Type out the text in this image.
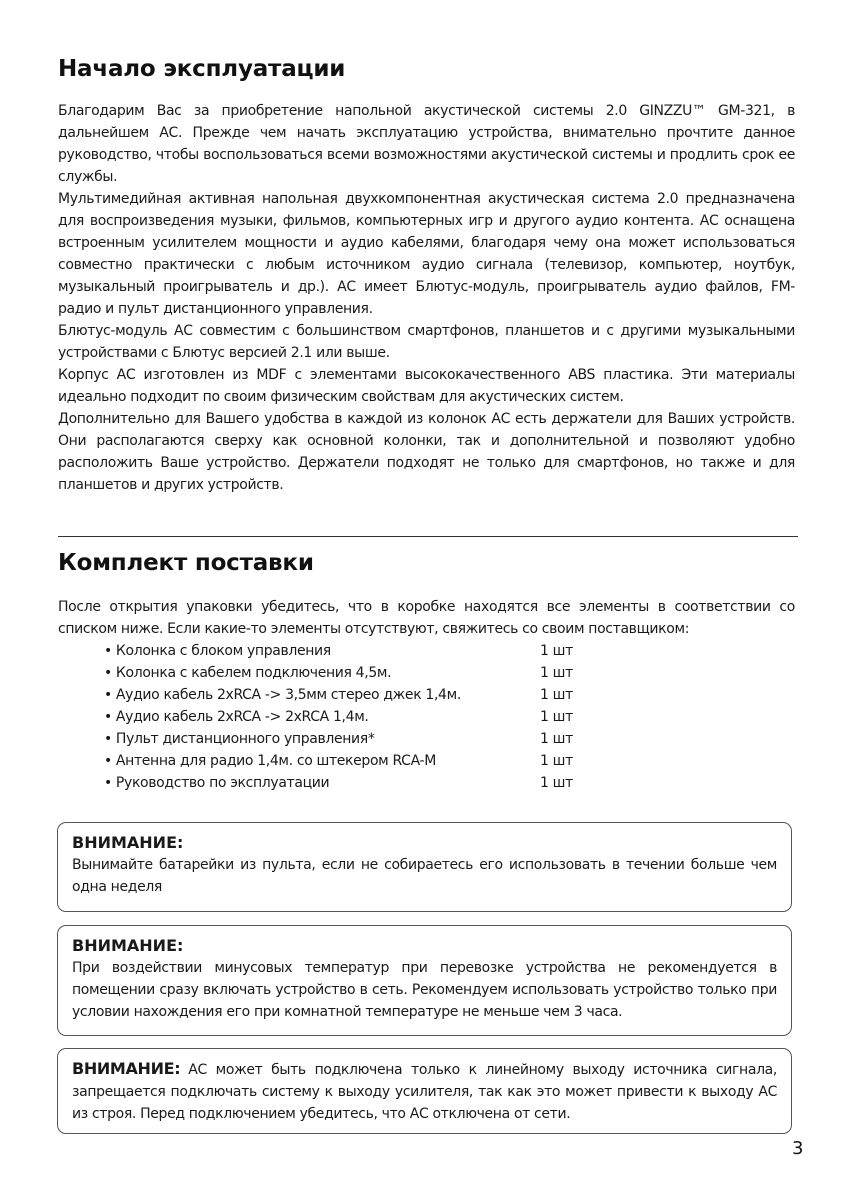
Начало эксплуатации

Благодарим Вас за приобретение напольной акустической системы 2.0 GINZZU™ GM-321, в дальнейшем АС. Прежде чем начать эксплуатацию устройства, внимательно прочтите данное руководство, чтобы воспользоваться всеми возможностями акустической системы и продлить срок ее службы.

Мультимедийная активная напольная двухкомпонентная акустическая система 2.0 предназначена для воспроизведения музыки, фильмов, компьютерных игр и другого аудио контента. АС оснащена встроенным усилителем мощности и аудио кабелями, благодаря чему она может использоваться совместно практически с любым источником аудио сигнала (телевизор, компьютер, ноутбук, музыкальный проигрыватель и др.). АС имеет Блютус-модуль, проигрыватель аудио файлов, FM-радио и пульт дистанционного управления.

Блютус-модуль АС совместим с большинством смартфонов, планшетов и с другими музыкальными устройствами с Блютус версией 2.1 или выше.

Корпус АС изготовлен из MDF с элементами высококачественного ABS пластика. Эти материалы идеально подходит по своим физическим свойствам для акустических систем.

Дополнительно для Вашего удобства в каждой из колонок АС есть держатели для Ваших устройств. Они располагаются сверху как основной колонки, так и дополнительной и позволяют удобно расположить Ваше устройство. Держатели подходят не только для смартфонов, но также и для планшетов и других устройств.

Комплект поставки

После открытия упаковки убедитесь, что в коробке находятся все элементы в соответствии со списком ниже. Если какие-то элементы отсутствуют, свяжитесь со своим поставщиком:

• Колонка с блоком управления	1 шт
• Колонка с кабелем подключения 4,5м.	1 шт
• Аудио кабель 2хRCA -> 3,5мм стерео джек 1,4м.	1 шт
• Аудио кабель 2хRCA -> 2хRCA 1,4м.	1 шт
• Пульт дистанционного управления*	1 шт
• Антенна для радио 1,4м. со штекером RCA-M	1 шт
• Руководство по эксплуатации	1 шт
ВНИМАНИЕ:
Вынимайте батарейки из пульта, если не собираетесь его использовать в течении больше чем одна неделя
ВНИМАНИЕ:
При воздействии минусовых температур при перевозке устройства не рекомендуется в помещении сразу включать устройство в сеть. Рекомендуем использовать устройство только при условии нахождения его при комнатной температуре не меньше чем 3 часа.
ВНИМАНИЕ: АС может быть подключена только к линейному выходу источника сигнала, запрещается подключать систему к выходу усилителя, так как это может привести к выходу АС из строя. Перед подключением убедитесь, что АС отключена от сети.
3
